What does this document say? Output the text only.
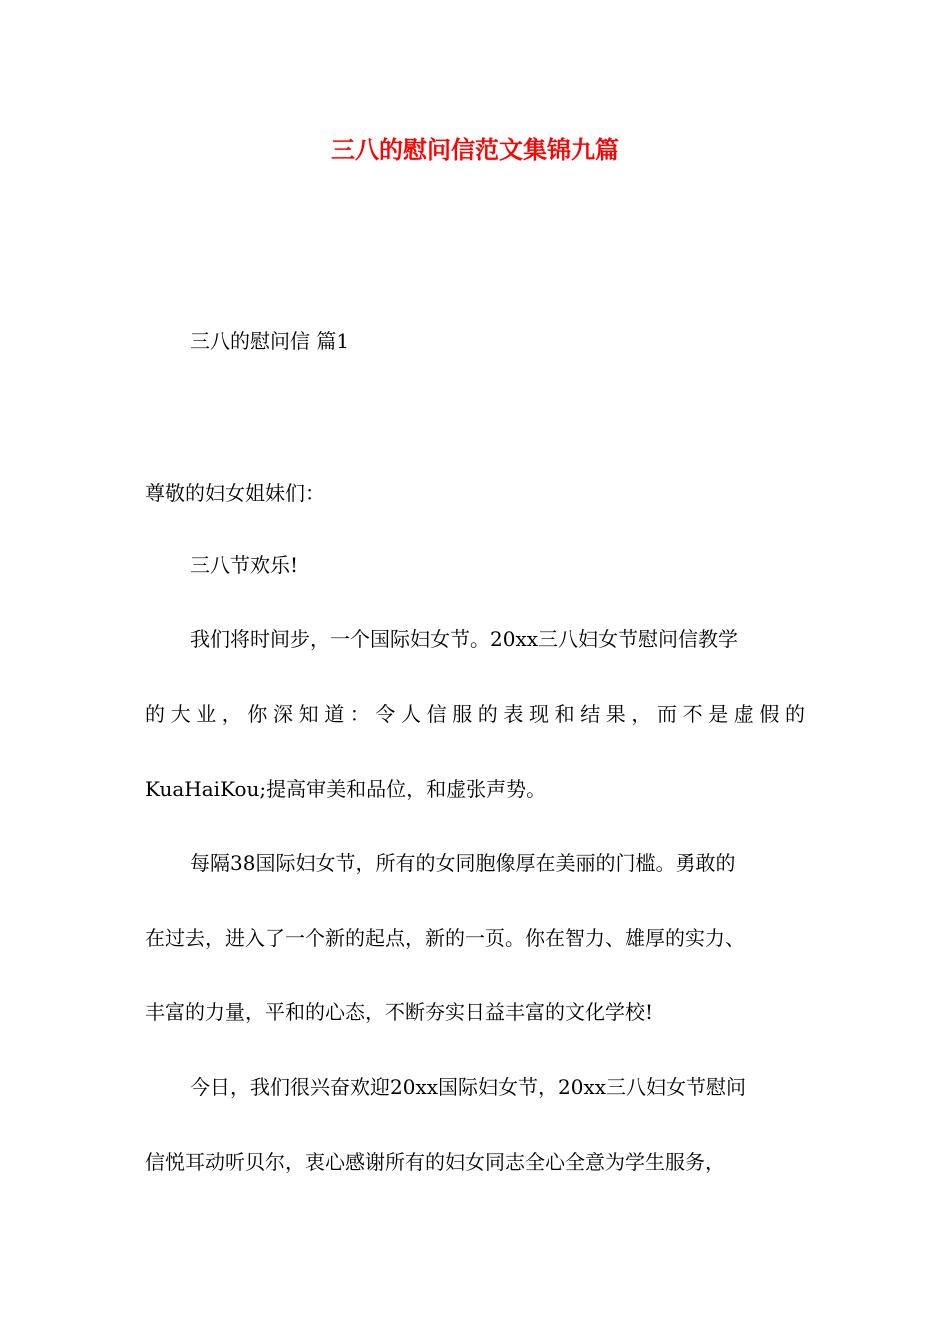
三八的慰问信范文集锦九篇
三八的慰问信 篇1
尊敬的妇女姐妹们：
三八节欢乐!
我们将时间步，一个国际妇女节。20xx三八妇女节慰问信教学
的大业，你深知道：令人信服的表现和结果，而不是虚假的
KuaHaiKou;提高审美和品位，和虚张声势。
每隔38国际妇女节，所有的女同胞像厚在美丽的门槛。勇敢的
在过去，进入了一个新的起点，新的一页。你在智力、雄厚的实力、
丰富的力量，平和的心态，不断夯实日益丰富的文化学校!
今日，我们很兴奋欢迎20xx国际妇女节，20xx三八妇女节慰问
信悦耳动听贝尔，衷心感谢所有的妇女同志全心全意为学生服务，
